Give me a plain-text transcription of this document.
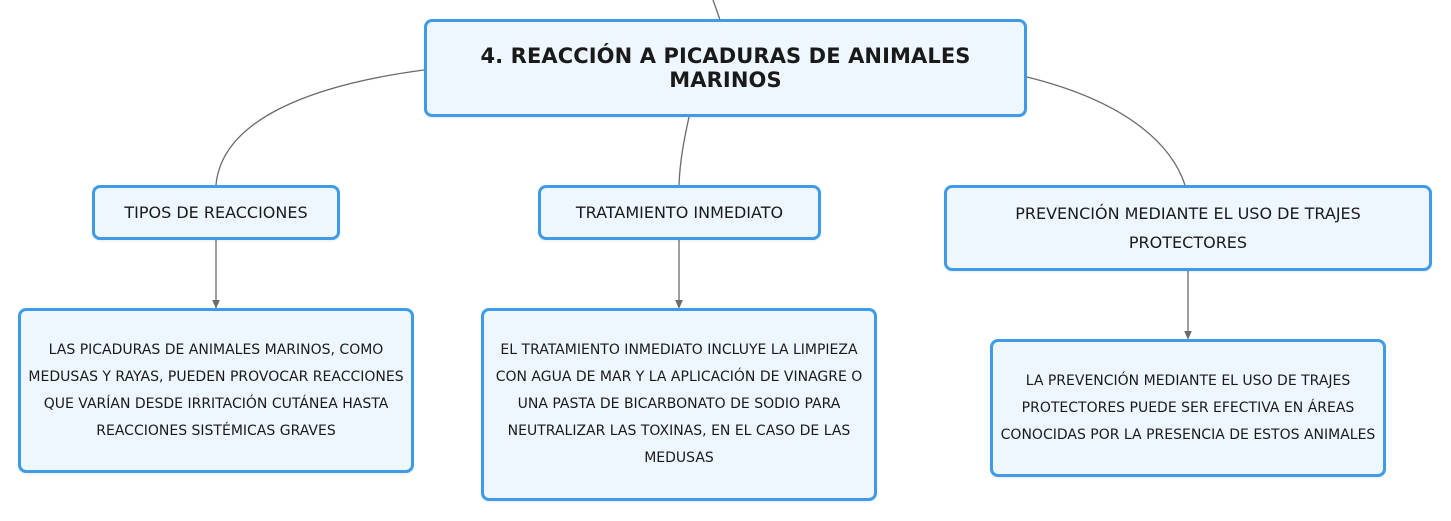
4. REACCIÓN A PICADURAS DE ANIMALES MARINOS
TIPOS DE REACCIONES	TRATAMIENTO INMEDIATO	PREVENCIÓN MEDIANTE EL USO DE TRAJES PROTECTORES
LAS PICADURAS DE ANIMALES MARINOS, COMO MEDUSAS Y RAYAS, PUEDEN PROVOCAR REACCIONES QUE VARÍAN DESDE IRRITACIÓN CUTÁNEA HASTA REACCIONES SISTÉMICAS GRAVES
EL TRATAMIENTO INMEDIATO INCLUYE LA LIMPIEZA CON AGUA DE MAR Y LA APLICACIÓN DE VINAGRE O UNA PASTA DE BICARBONATO DE SODIO PARA NEUTRALIZAR LAS TOXINAS, EN EL CASO DE LAS MEDUSAS
LA PREVENCIÓN MEDIANTE EL USO DE TRAJES PROTECTORES PUEDE SER EFECTIVA EN ÁREAS CONOCIDAS POR LA PRESENCIA DE ESTOS ANIMALES
